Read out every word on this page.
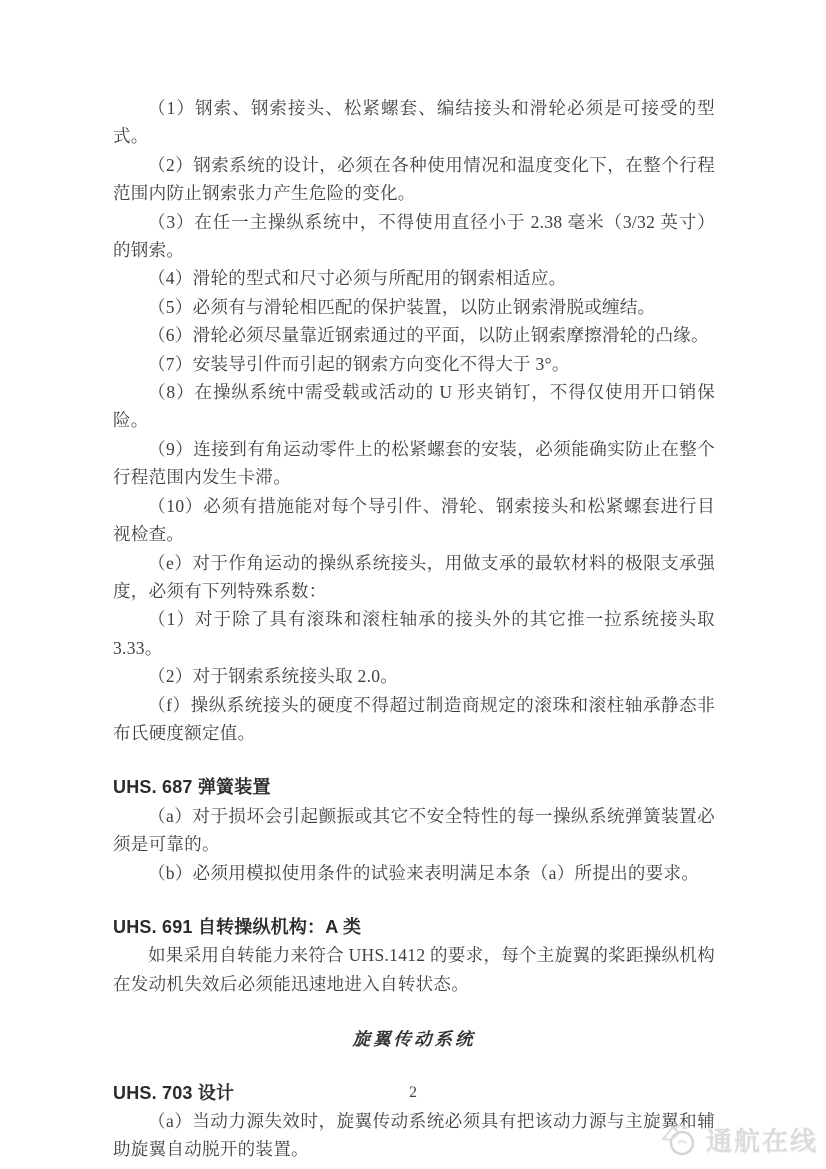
（1）钢索、钢索接头、松紧螺套、编结接头和滑轮必须是可接受的型式。

（2）钢索系统的设计，必须在各种使用情况和温度变化下，在整个行程范围内防止钢索张力产生危险的变化。

（3）在任一主操纵系统中，不得使用直径小于 2.38 毫米（3/32 英寸）的钢索。

（4）滑轮的型式和尺寸必须与所配用的钢索相适应。

（5）必须有与滑轮相匹配的保护装置，以防止钢索滑脱或缠结。

（6）滑轮必须尽量靠近钢索通过的平面，以防止钢索摩擦滑轮的凸缘。

（7）安装导引件而引起的钢索方向变化不得大于 3°。

（8）在操纵系统中需受载或活动的 U 形夹销钉，不得仅使用开口销保险。

（9）连接到有角运动零件上的松紧螺套的安装，必须能确实防止在整个行程范围内发生卡滞。

（10）必须有措施能对每个导引件、滑轮、钢索接头和松紧螺套进行目视检查。

（e）对于作角运动的操纵系统接头，用做支承的最软材料的极限支承强度，必须有下列特殊系数：

（1）对于除了具有滚珠和滚柱轴承的接头外的其它推一拉系统接头取 3.33。

（2）对于钢索系统接头取 2.0。

（f）操纵系统接头的硬度不得超过制造商规定的滚珠和滚柱轴承静态非布氏硬度额定值。

UHS. 687 弹簧装置

（a）对于损坏会引起颤振或其它不安全特性的每一操纵系统弹簧装置必须是可靠的。

（b）必须用模拟使用条件的试验来表明满足本条（a）所提出的要求。

UHS. 691 自转操纵机构：A 类

如果采用自转能力来符合 UHS.1412 的要求，每个主旋翼的桨距操纵机构在发动机失效后必须能迅速地进入自转状态。

旋翼传动系统

UHS. 703 设计

（a）当动力源失效时，旋翼传动系统必须具有把该动力源与主旋翼和辅助旋翼自动脱开的装置。

2
通航在线
